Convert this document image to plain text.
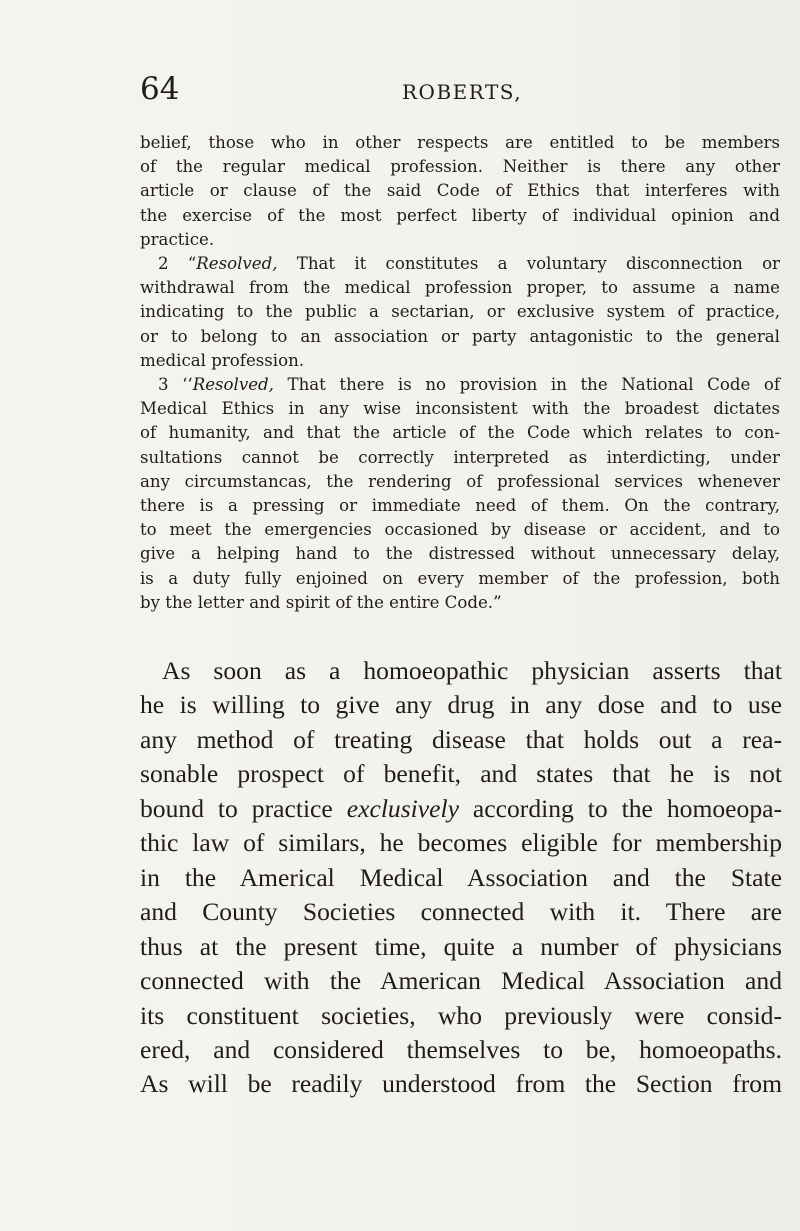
64	ROBERTS,

belief, those who in other respects are entitled to be members

of the regular medical profession. Neither is there any other

article or clause of the said Code of Ethics that interferes with

the exercise of the most perfect liberty of individual opinion and

practice.

2 “Resolved, That it constitutes a voluntary disconnection or

withdrawal from the medical profession proper, to assume a name

indicating to the public a sectarian, or exclusive system of practice,

or to belong to an association or party antagonistic to the general

medical profession.

3 ‘‘Resolved, That there is no provision in the National Code of

Medical Ethics in any wise inconsistent with the broadest dictates

of humanity, and that the article of the Code which relates to con-

sultations cannot be correctly interpreted as interdicting, under

any circumstancas, the rendering of professional services whenever

there is a pressing or immediate need of them. On the contrary,

to meet the emergencies occasioned by disease or accident, and to

give a helping hand to the distressed without unnecessary delay,

is a duty fully enjoined on every member of the profession, both

by the letter and spirit of the entire Code.”

As soon as a homoeopathic physician asserts that

he is willing to give any drug in any dose and to use

any method of treating disease that holds out a rea-

sonable prospect of benefit, and states that he is not

bound to practice exclusively according to the homoeopa-

thic law of similars, he becomes eligible for membership

in the Americal Medical Association and the State

and County Societies connected with it. There are

thus at the present time, quite a number of physicians

connected with the American Medical Association and

its constituent societies, who previously were consid-

ered, and considered themselves to be, homoeopaths.

As will be readily understood from the Section from
